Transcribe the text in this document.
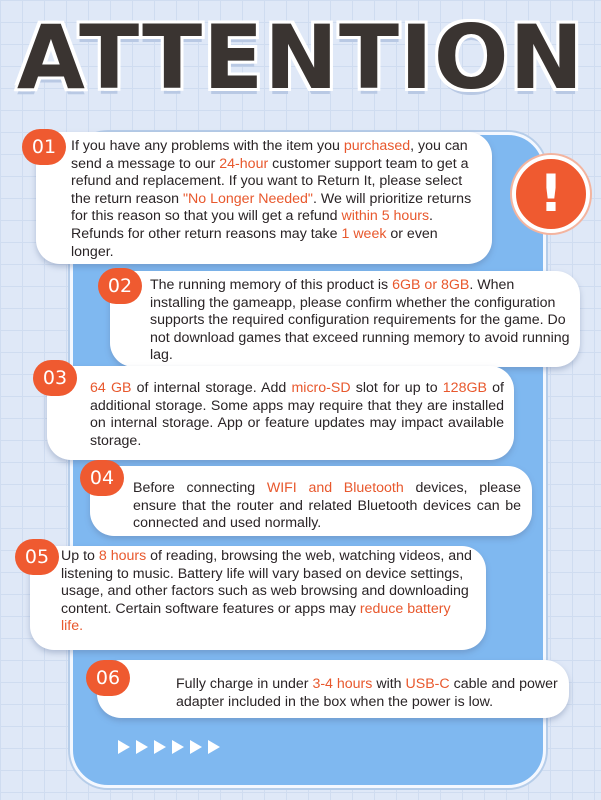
ATTENTION
!

If you have any problems with the item you purchased, you can send a message to our 24-hour customer support team to get a refund and replacement. If you want to Return It, please select the return reason "No Longer Needed". We will prioritize returns for this reason so that you will get a refund within 5 hours. Refunds for other return reasons may take 1 week or even longer.

01

The running memory of this product is 6GB or 8GB. When installing the gameapp, please confirm whether the configuration supports the required configuration requirements for the game. Do not download games that exceed running memory to avoid running lag.

02

64 GB of internal storage. Add micro-SD slot for up to 128GB of additional storage. Some apps may require that they are installed on internal storage. App or feature updates may impact available storage.

03

Before connecting WIFI and Bluetooth devices, please ensure that the router and related Bluetooth devices can be connected and used normally.

04

Up to 8 hours of reading, browsing the web, watching videos, and listening to music. Battery life will vary based on device settings, usage, and other factors such as web browsing and downloading content. Certain software features or apps may reduce battery life.

05

Fully charge in under 3-4 hours with USB-C cable and power adapter included in the box when the power is low.

06
